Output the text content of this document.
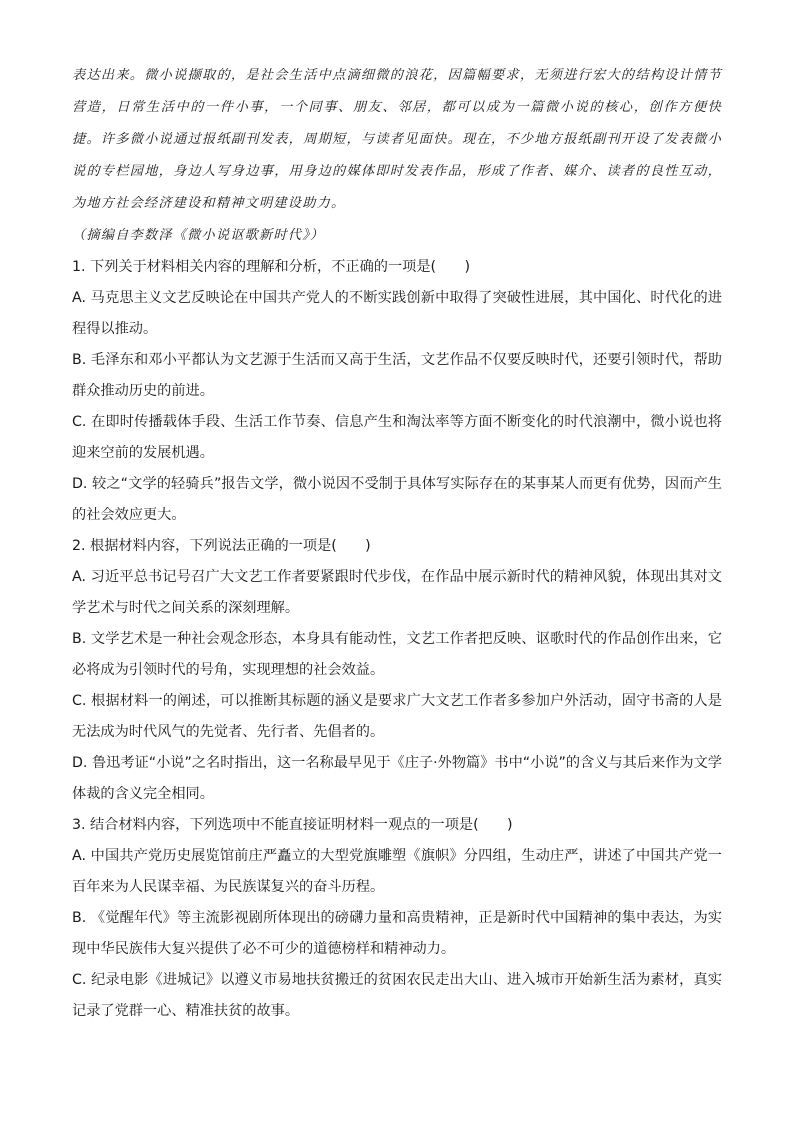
表达出来。微小说撷取的，是社会生活中点滴细微的浪花，因篇幅要求，无须进行宏大的结构设计情节营造，日常生活中的一件小事，一个同事、朋友、邻居，都可以成为一篇微小说的核心，创作方便快捷。许多微小说通过报纸副刊发表，周期短，与读者见面快。现在，不少地方报纸副刊开设了发表微小说的专栏园地，身边人写身边事，用身边的媒体即时发表作品，形成了作者、媒介、读者的良性互动，为地方社会经济建设和精神文明建设助力。

（摘编自李数泽《微小说讴歌新时代》）

1. 下列关于材料相关内容的理解和分析，不正确的一项是(　　)

A. 马克思主义文艺反映论在中国共产党人的不断实践创新中取得了突破性进展，其中国化、时代化的进程得以推动。

B. 毛泽东和邓小平都认为文艺源于生活而又高于生活，文艺作品不仅要反映时代，还要引领时代，帮助群众推动历史的前进。

C. 在即时传播载体手段、生活工作节奏、信息产生和淘汰率等方面不断变化的时代浪潮中，微小说也将迎来空前的发展机遇。

D. 较之“文学的轻骑兵”报告文学，微小说因不受制于具体写实际存在的某事某人而更有优势，因而产生的社会效应更大。

2. 根据材料内容，下列说法正确的一项是(　　)

A. 习近平总书记号召广大文艺工作者要紧跟时代步伐，在作品中展示新时代的精神风貌，体现出其对文学艺术与时代之间关系的深刻理解。

B. 文学艺术是一种社会观念形态，本身具有能动性，文艺工作者把反映、讴歌时代的作品创作出来，它必将成为引领时代的号角，实现理想的社会效益。

C. 根据材料一的阐述，可以推断其标题的涵义是要求广大文艺工作者多参加户外活动，固守书斋的人是无法成为时代风气的先觉者、先行者、先倡者的。

D. 鲁迅考证“小说”之名时指出，这一名称最早见于《庄子·外物篇》书中“小说”的含义与其后来作为文学体裁的含义完全相同。

3. 结合材料内容，下列选项中不能直接证明材料一观点的一项是(　　)

A. 中国共产党历史展览馆前庄严矗立的大型党旗雕塑《旗帜》分四组，生动庄严，讲述了中国共产党一百年来为人民谋幸福、为民族谋复兴的奋斗历程。

B. 《觉醒年代》等主流影视剧所体现出的磅礴力量和高贵精神，正是新时代中国精神的集中表达，为实现中华民族伟大复兴提供了必不可少的道德榜样和精神动力。

C. 纪录电影《进城记》以遵义市易地扶贫搬迁的贫困农民走出大山、进入城市开始新生活为素材，真实记录了党群一心、精准扶贫的故事。
